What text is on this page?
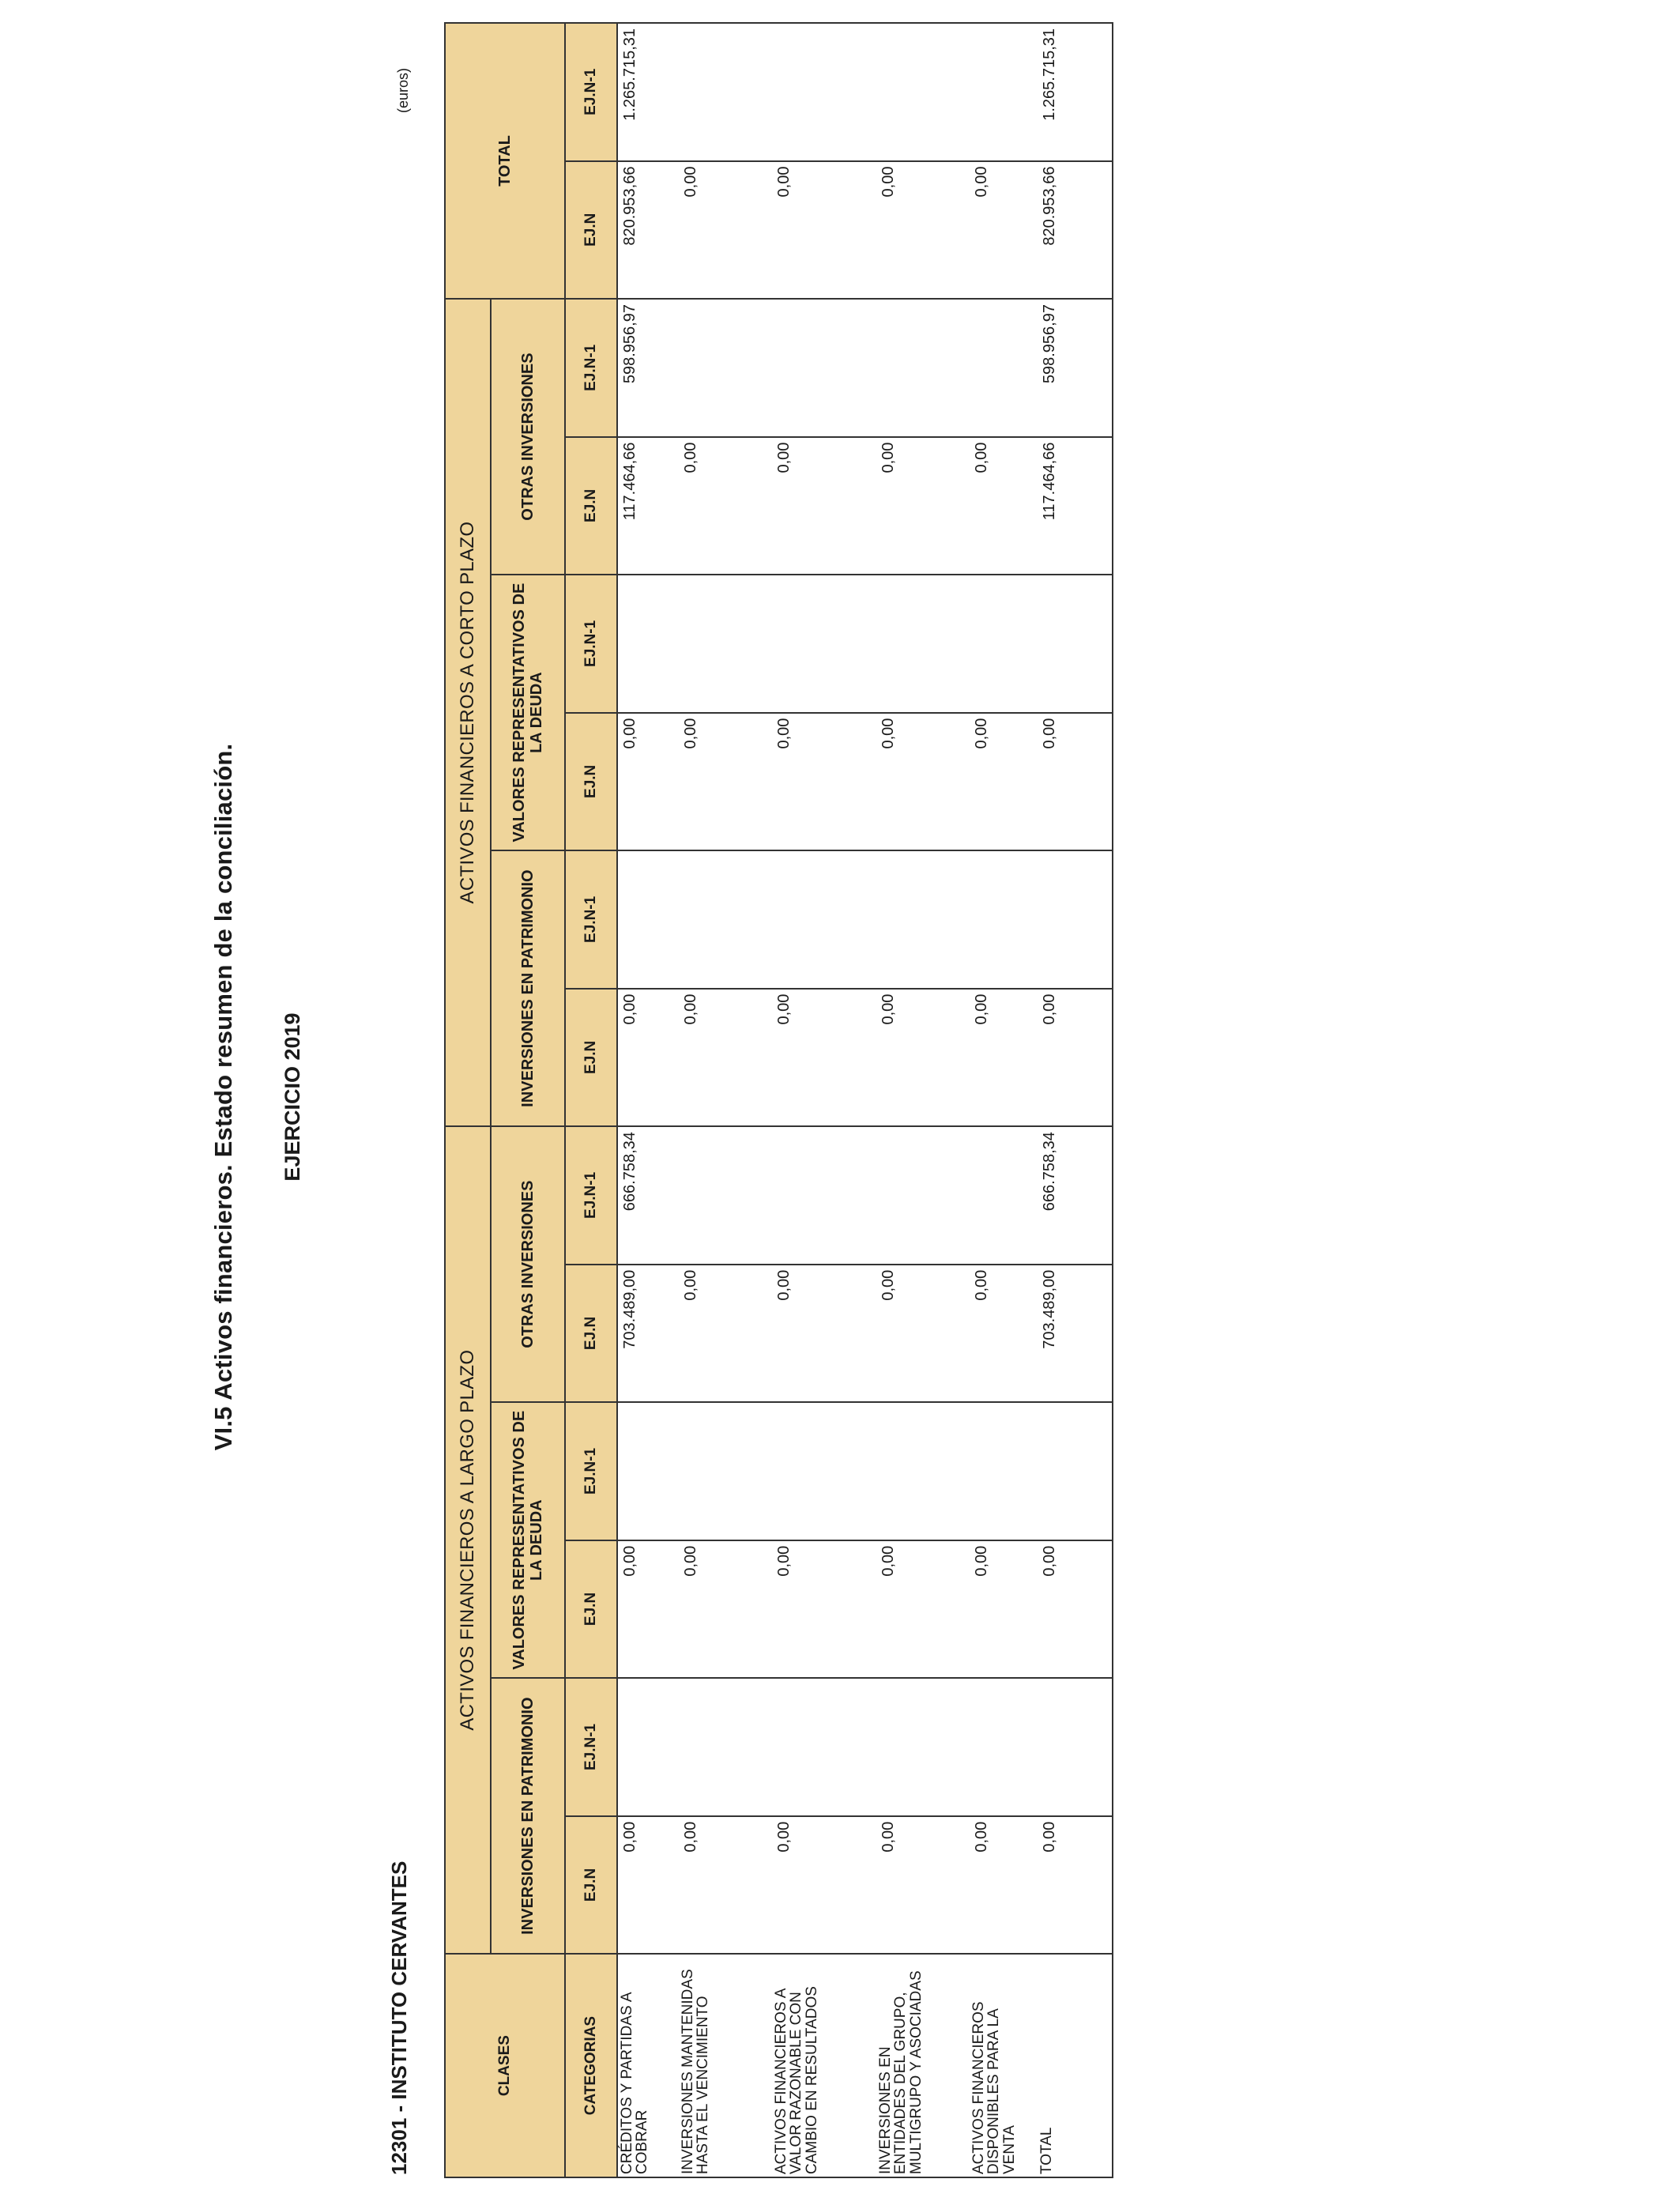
VI.5 Activos financieros. Estado resumen de la conciliación. EJERCICIO 2019
12301 - INSTITUTO CERVANTES
(euros)
CLASES	ACTIVOS FINANCIEROS A LARGO PLAZO						ACTIVOS FINANCIEROS A CORTO PLAZO						TOTAL	
	INVERSIONES EN PATRIMONIO		VALORES REPRESENTATIVOS DE LA DEUDA		OTRAS INVERSIONES		INVERSIONES EN PATRIMONIO		VALORES REPRESENTATIVOS DE LA DEUDA		OTRAS INVERSIONES			
CATEGORIAS	EJ.N	EJ.N-1	EJ.N	EJ.N-1	EJ.N	EJ.N-1	EJ.N	EJ.N-1	EJ.N	EJ.N-1	EJ.N	EJ.N-1	EJ.N	EJ.N-1
CRÉDITOS Y PARTIDAS A COBRAR	0,00		0,00		703.489,00	666.758,34	0,00		0,00		117.464,66	598.956,97	820.953,66	1.265.715,31
INVERSIONES MANTENIDAS HASTA EL VENCIMIENTO	0,00		0,00		0,00		0,00		0,00		0,00		0,00	
ACTIVOS FINANCIEROS A VALOR RAZONABLE CON CAMBIO EN RESULTADOS	0,00		0,00		0,00		0,00		0,00		0,00		0,00	
INVERSIONES EN ENTIDADES DEL GRUPO, MULTIGRUPO Y ASOCIADAS	0,00		0,00		0,00		0,00		0,00		0,00		0,00	
ACTIVOS FINANCIEROS DISPONIBLES PARA LA VENTA	0,00		0,00		0,00		0,00		0,00		0,00		0,00	
TOTAL	0,00		0,00		703.489,00	666.758,34	0,00		0,00		117.464,66	598.956,97	820.953,66	1.265.715,31
